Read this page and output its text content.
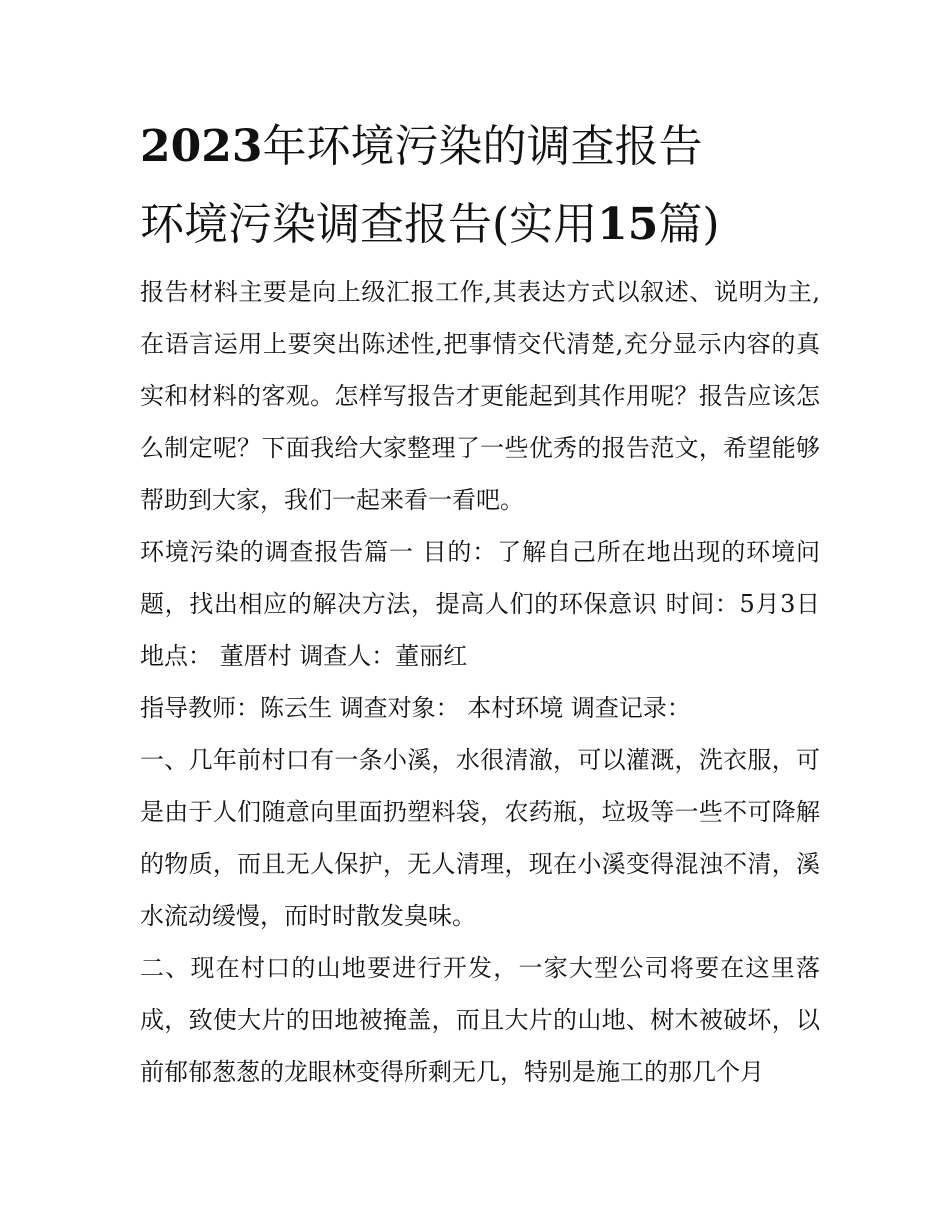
2023年环境污染的调查报告
环境污染调查报告(实用15篇)

报告材料主要是向上级汇报工作,其表达方式以叙述、说明为主,在语言运用上要突出陈述性,把事情交代清楚,充分显示内容的真实和材料的客观。怎样写报告才更能起到其作用呢？报告应该怎么制定呢？下面我给大家整理了一些优秀的报告范文，希望能够帮助到大家，我们一起来看一看吧。

环境污染的调查报告篇一 目的：了解自己所在地出现的环境问题，找出相应的解决方法，提高人们的环保意识 时间：5月3日 地点： 董厝村 调查人：董丽红

指导教师：陈云生 调查对象： 本村环境 调查记录：

一、几年前村口有一条小溪，水很清澈，可以灌溉，洗衣服，可是由于人们随意向里面扔塑料袋，农药瓶，垃圾等一些不可降解的物质，而且无人保护，无人清理，现在小溪变得混浊不清，溪水流动缓慢，而时时散发臭味。

二、现在村口的山地要进行开发，一家大型公司将要在这里落成，致使大片的田地被掩盖，而且大片的山地、树木被破坏，以前郁郁葱葱的龙眼林变得所剩无几，特别是施工的那几个月
